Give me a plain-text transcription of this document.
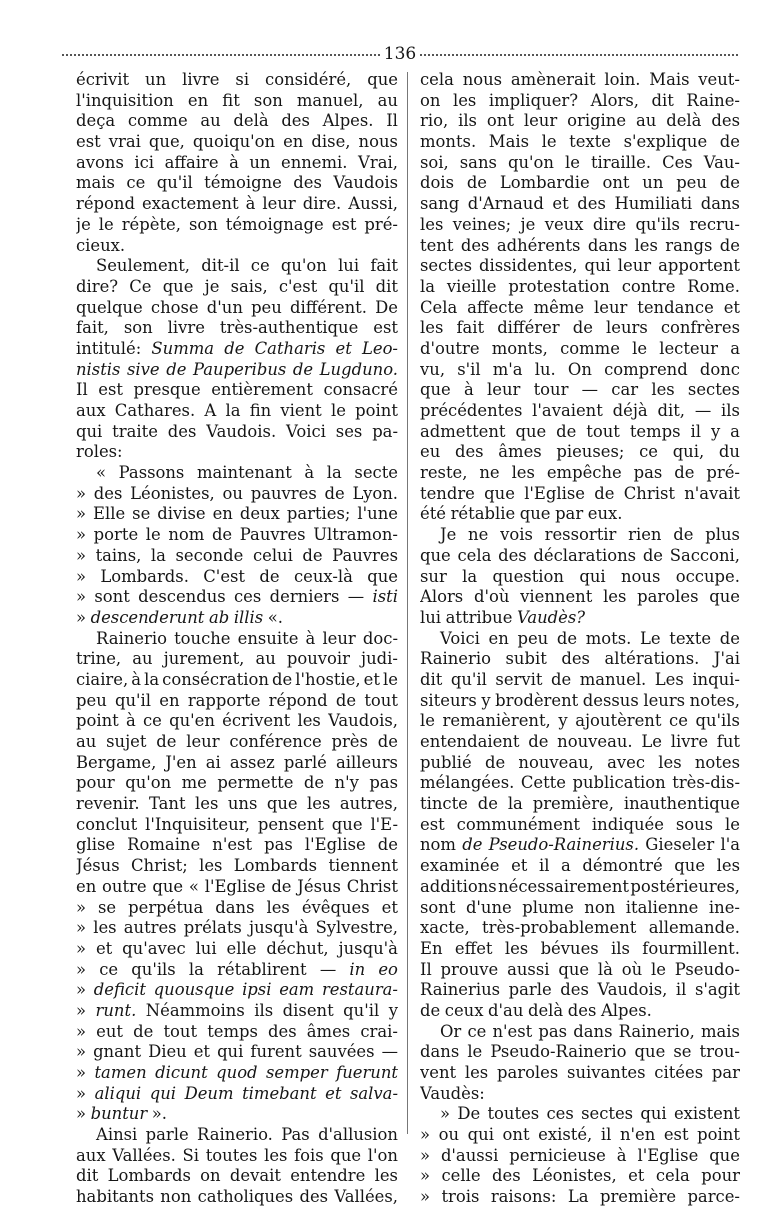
136
écrivit un livre si considéré, que
l'inquisition en fit son manuel, au
deça comme au delà des Alpes. Il
est vrai que, quoiqu'on en dise, nous
avons ici affaire à un ennemi. Vrai,
mais ce qu'il témoigne des Vaudois
répond exactement à leur dire. Aussi,
je le répète, son témoignage est pré-
cieux.
Seulement, dit-il ce qu'on lui fait
dire? Ce que je sais, c'est qu'il dit
quelque chose d'un peu différent. De
fait, son livre très-authentique est
intitulé: Summa de Catharis et Leo-
nistis sive de Pauperibus de Lugduno.
Il est presque entièrement consacré
aux Cathares. A la fin vient le point
qui traite des Vaudois. Voici ses pa-
roles:
« Passons maintenant à la secte
» des Léonistes, ou pauvres de Lyon.
» Elle se divise en deux parties; l'une
» porte le nom de Pauvres Ultramon-
» tains, la seconde celui de Pauvres
» Lombards. C'est de ceux-là que
» sont descendus ces derniers — isti
» descenderunt ab illis «.
Rainerio touche ensuite à leur doc-
trine, au jurement, au pouvoir judi-
ciaire, à la consécration de l'hostie, et le
peu qu'il en rapporte répond de tout
point à ce qu'en écrivent les Vaudois,
au sujet de leur conférence près de
Bergame, J'en ai assez parlé ailleurs
pour qu'on me permette de n'y pas
revenir. Tant les uns que les autres,
conclut l'Inquisiteur, pensent que l'E-
glise Romaine n'est pas l'Eglise de
Jésus Christ; les Lombards tiennent
en outre que « l'Eglise de Jésus Christ
» se perpétua dans les évêques et
» les autres prélats jusqu'à Sylvestre,
» et qu'avec lui elle déchut, jusqu'à
» ce qu'ils la rétablirent — in eo
» deficit quousque ipsi eam restaura-
» runt. Néammoins ils disent qu'il y
» eut de tout temps des âmes crai-
» gnant Dieu et qui furent sauvées —
» tamen dicunt quod semper fuerunt
» aliqui qui Deum timebant et salva-
» buntur ».
Ainsi parle Rainerio. Pas d'allusion
aux Vallées. Si toutes les fois que l'on
dit Lombards on devait entendre les
habitants non catholiques des Vallées,
cela nous amènerait loin. Mais veut-
on les impliquer? Alors, dit Raine-
rio, ils ont leur origine au delà des
monts. Mais le texte s'explique de
soi, sans qu'on le tiraille. Ces Vau-
dois de Lombardie ont un peu de
sang d'Arnaud et des Humiliati dans
les veines; je veux dire qu'ils recru-
tent des adhérents dans les rangs de
sectes dissidentes, qui leur apportent
la vieille protestation contre Rome.
Cela affecte même leur tendance et
les fait différer de leurs confrères
d'outre monts, comme le lecteur a
vu, s'il m'a lu. On comprend donc
que à leur tour — car les sectes
précédentes l'avaient déjà dit, — ils
admettent que de tout temps il y a
eu des âmes pieuses; ce qui, du
reste, ne les empêche pas de pré-
tendre que l'Eglise de Christ n'avait
été rétablie que par eux.
Je ne vois ressortir rien de plus
que cela des déclarations de Sacconi,
sur la question qui nous occupe.
Alors d'où viennent les paroles que
lui attribue Vaudès?
Voici en peu de mots. Le texte de
Rainerio subit des altérations. J'ai
dit qu'il servit de manuel. Les inqui-
siteurs y brodèrent dessus leurs notes,
le remanièrent, y ajoutèrent ce qu'ils
entendaient de nouveau. Le livre fut
publié de nouveau, avec les notes
mélangées. Cette publication très-dis-
tincte de la première, inauthentique
est communément indiquée sous le
nom de Pseudo-Rainerius. Gieseler l'a
examinée et il a démontré que les
additions nécessairement postérieures,
sont d'une plume non italienne ine-
xacte, très-probablement allemande.
En effet les bévues ils fourmillent.
Il prouve aussi que là où le Pseudo-
Rainerius parle des Vaudois, il s'agit
de ceux d'au delà des Alpes.
Or ce n'est pas dans Rainerio, mais
dans le Pseudo-Rainerio que se trou-
vent les paroles suivantes citées par
Vaudès:
» De toutes ces sectes qui existent
» ou qui ont existé, il n'en est point
» d'aussi pernicieuse à l'Eglise que
» celle des Léonistes, et cela pour
» trois raisons: La première parce-
